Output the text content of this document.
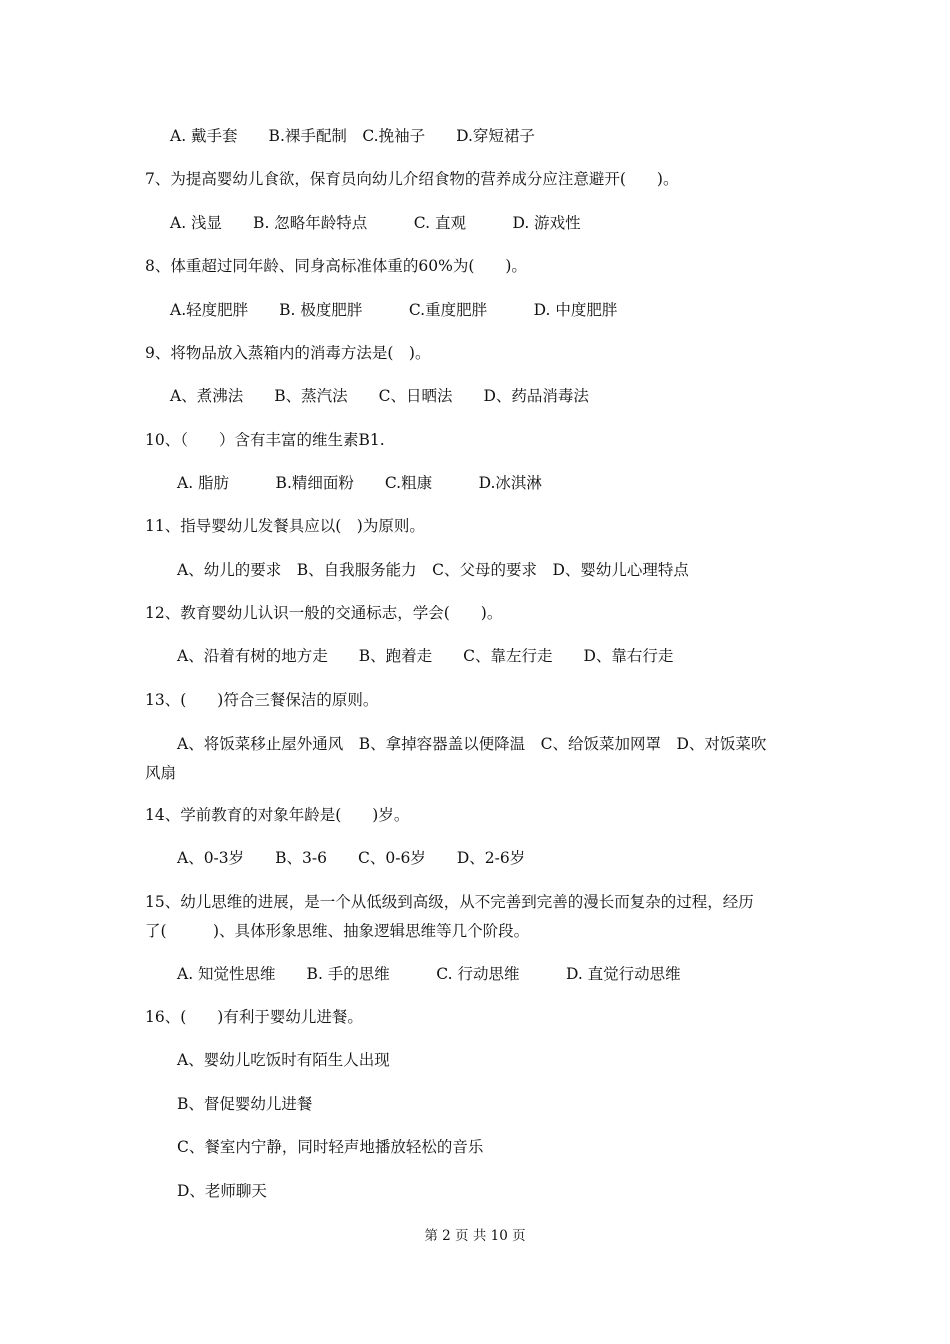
A. 戴手套　　B.裸手配制　C.挽袖子　　D.穿短裙子
7、为提高婴幼儿食欲，保育员向幼儿介绍食物的营养成分应注意避开(　　)。
A. 浅显　　B. 忽略年龄特点　　　C. 直观　　　D. 游戏性
8、体重超过同年龄、同身高标准体重的60%为(　　)。
A.轻度肥胖　　B. 极度肥胖　　　C.重度肥胖　　　D. 中度肥胖
9、将物品放入蒸箱内的消毒方法是(　)。
A、煮沸法　　B、蒸汽法　　C、日晒法　　D、药品消毒法
10、（　　）含有丰富的维生素B1.
A. 脂肪　　　B.精细面粉　　C.粗康　　　D.冰淇淋
11、指导婴幼儿发餐具应以(　)为原则。
A、幼儿的要求　B、自我服务能力　C、父母的要求　D、婴幼儿心理特点
12、教育婴幼儿认识一般的交通标志，学会(　　)。
A、沿着有树的地方走　　B、跑着走　　C、靠左行走　　D、靠右行走
13、(　　)符合三餐保洁的原则。
A、将饭菜移止屋外通风　B、拿掉容器盖以便降温　C、给饭菜加网罩　D、对饭菜吹
风扇
14、学前教育的对象年龄是(　　)岁。
A、0-3岁　　B、3-6　　C、0-6岁　　D、2-6岁
15、幼儿思维的进展，是一个从低级到高级，从不完善到完善的漫长而复杂的过程，经历
了(　　　)、具体形象思维、抽象逻辑思维等几个阶段。
A. 知觉性思维　　B. 手的思维　　　C. 行动思维　　　D. 直觉行动思维
16、(　　)有利于婴幼儿进餐。
A、婴幼儿吃饭时有陌生人出现
B、督促婴幼儿进餐
C、餐室内宁静，同时轻声地播放轻松的音乐
D、老师聊天
第 2 页 共 10 页
